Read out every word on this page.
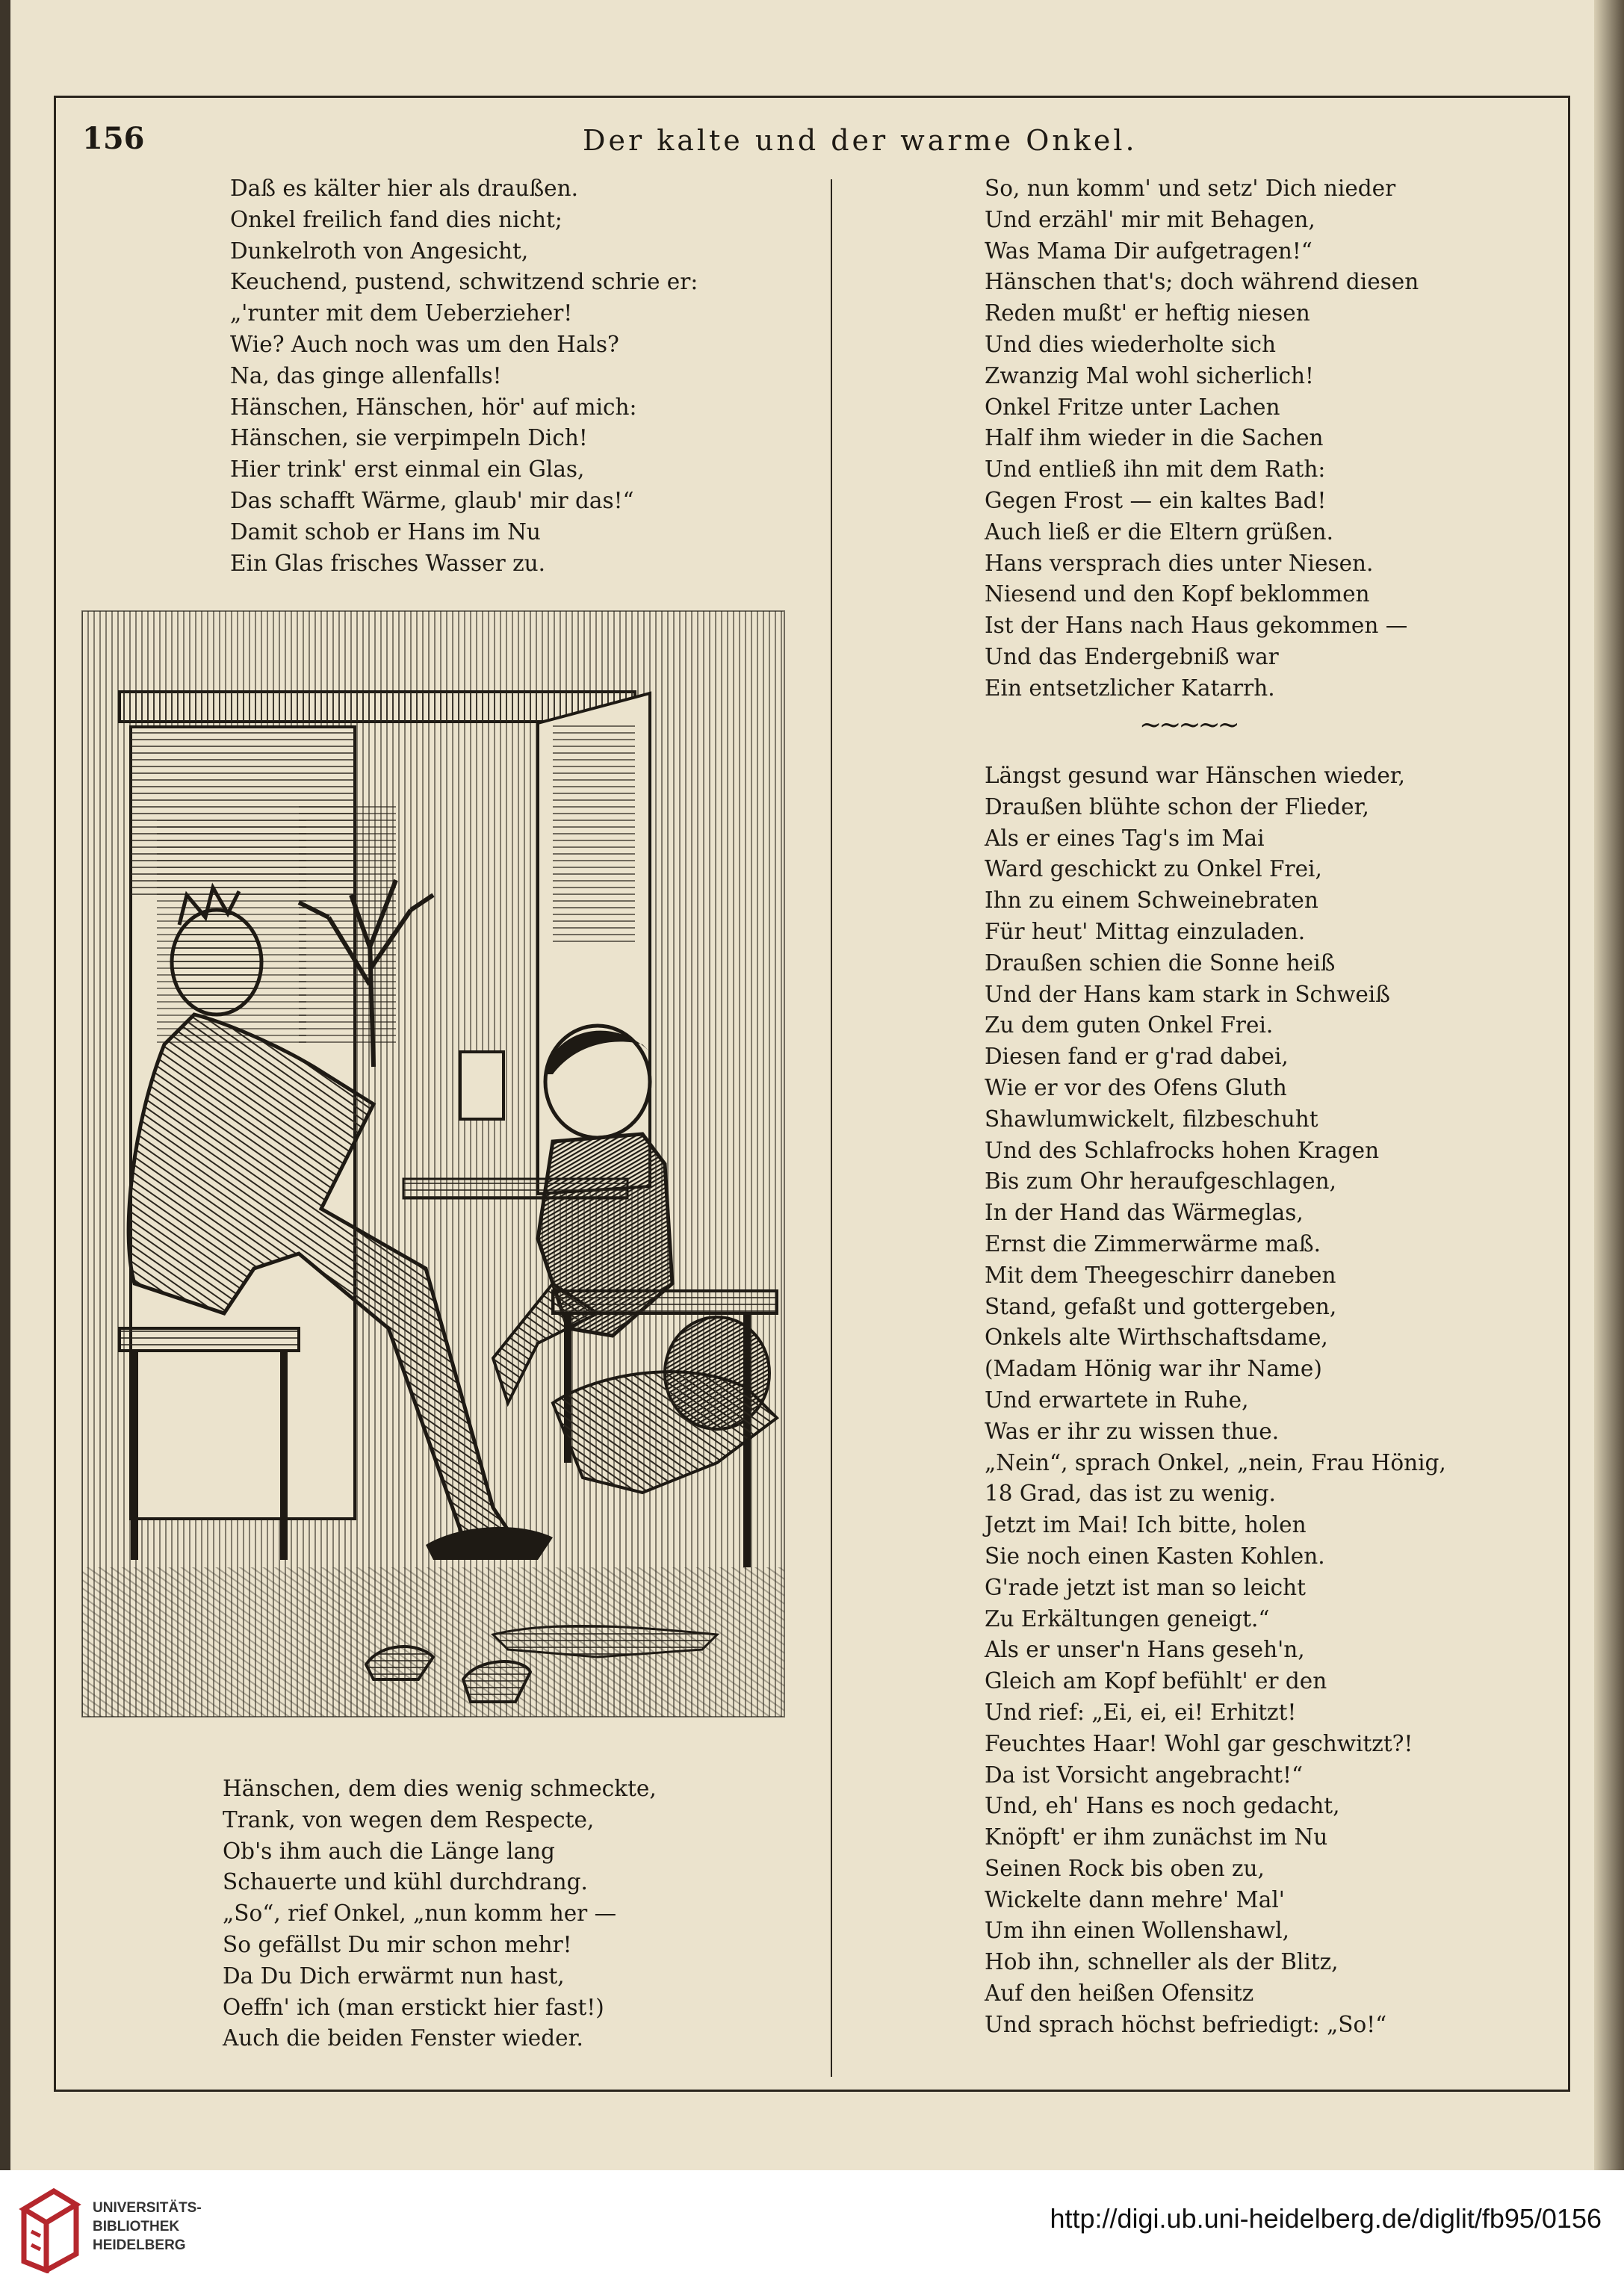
156	Der kalte und der warme Onkel.
Daß es kälter hier als draußen.
Onkel freilich fand dies nicht;
Dunkelroth von Angesicht,
Keuchend, pustend, schwitzend schrie er:
„'runter mit dem Ueberzieher!
Wie? Auch noch was um den Hals?
Na, das ginge allenfalls!
Hänschen, Hänschen, hör' auf mich:
Hänschen, sie verpimpeln Dich!
Hier trink' erst einmal ein Glas,
Das schafft Wärme, glaub' mir das!“
Damit schob er Hans im Nu
Ein Glas frisches Wasser zu.
Hänschen, dem dies wenig schmeckte,
Trank, von wegen dem Respecte,
Ob's ihm auch die Länge lang
Schauerte und kühl durchdrang.
„So“, rief Onkel, „nun komm her —
So gefällst Du mir schon mehr!
Da Du Dich erwärmt nun hast,
Oeffn' ich (man erstickt hier fast!)
Auch die beiden Fenster wieder.
So, nun komm' und setz' Dich nieder
Und erzähl' mir mit Behagen,
Was Mama Dir aufgetragen!“
Hänschen that's; doch während diesen
Reden mußt' er heftig niesen
Und dies wiederholte sich
Zwanzig Mal wohl sicherlich!
Onkel Fritze unter Lachen
Half ihm wieder in die Sachen
Und entließ ihn mit dem Rath:
Gegen Frost — ein kaltes Bad!
Auch ließ er die Eltern grüßen.
Hans versprach dies unter Niesen.
Niesend und den Kopf beklommen
Ist der Hans nach Haus gekommen —
Und das Endergebniß war
Ein entsetzlicher Katarrh.
~~~~~
Längst gesund war Hänschen wieder,
Draußen blühte schon der Flieder,
Als er eines Tag's im Mai
Ward geschickt zu Onkel Frei,
Ihn zu einem Schweinebraten
Für heut' Mittag einzuladen.
Draußen schien die Sonne heiß
Und der Hans kam stark in Schweiß
Zu dem guten Onkel Frei.
Diesen fand er g'rad dabei,
Wie er vor des Ofens Gluth
Shawlumwickelt, filzbeschuht
Und des Schlafrocks hohen Kragen
Bis zum Ohr heraufgeschlagen,
In der Hand das Wärmeglas,
Ernst die Zimmerwärme maß.
Mit dem Theegeschirr daneben
Stand, gefaßt und gottergeben,
Onkels alte Wirthschaftsdame,
(Madam Hönig war ihr Name)
Und erwartete in Ruhe,
Was er ihr zu wissen thue.
„Nein“, sprach Onkel, „nein, Frau Hönig,
18 Grad, das ist zu wenig.
Jetzt im Mai! Ich bitte, holen
Sie noch einen Kasten Kohlen.
G'rade jetzt ist man so leicht
Zu Erkältungen geneigt.“
Als er unser'n Hans geseh'n,
Gleich am Kopf befühlt' er den
Und rief: „Ei, ei, ei! Erhitzt!
Feuchtes Haar! Wohl gar geschwitzt?!
Da ist Vorsicht angebracht!“
Und, eh' Hans es noch gedacht,
Knöpft' er ihm zunächst im Nu
Seinen Rock bis oben zu,
Wickelte dann mehre' Mal'
Um ihn einen Wollenshawl,
Hob ihn, schneller als der Blitz,
Auf den heißen Ofensitz
Und sprach höchst befriedigt: „So!“
UNIVERSITÄTS-
BIBLIOTHEK
HEIDELBERG
http://digi.ub.uni-heidelberg.de/diglit/fb95/0156
